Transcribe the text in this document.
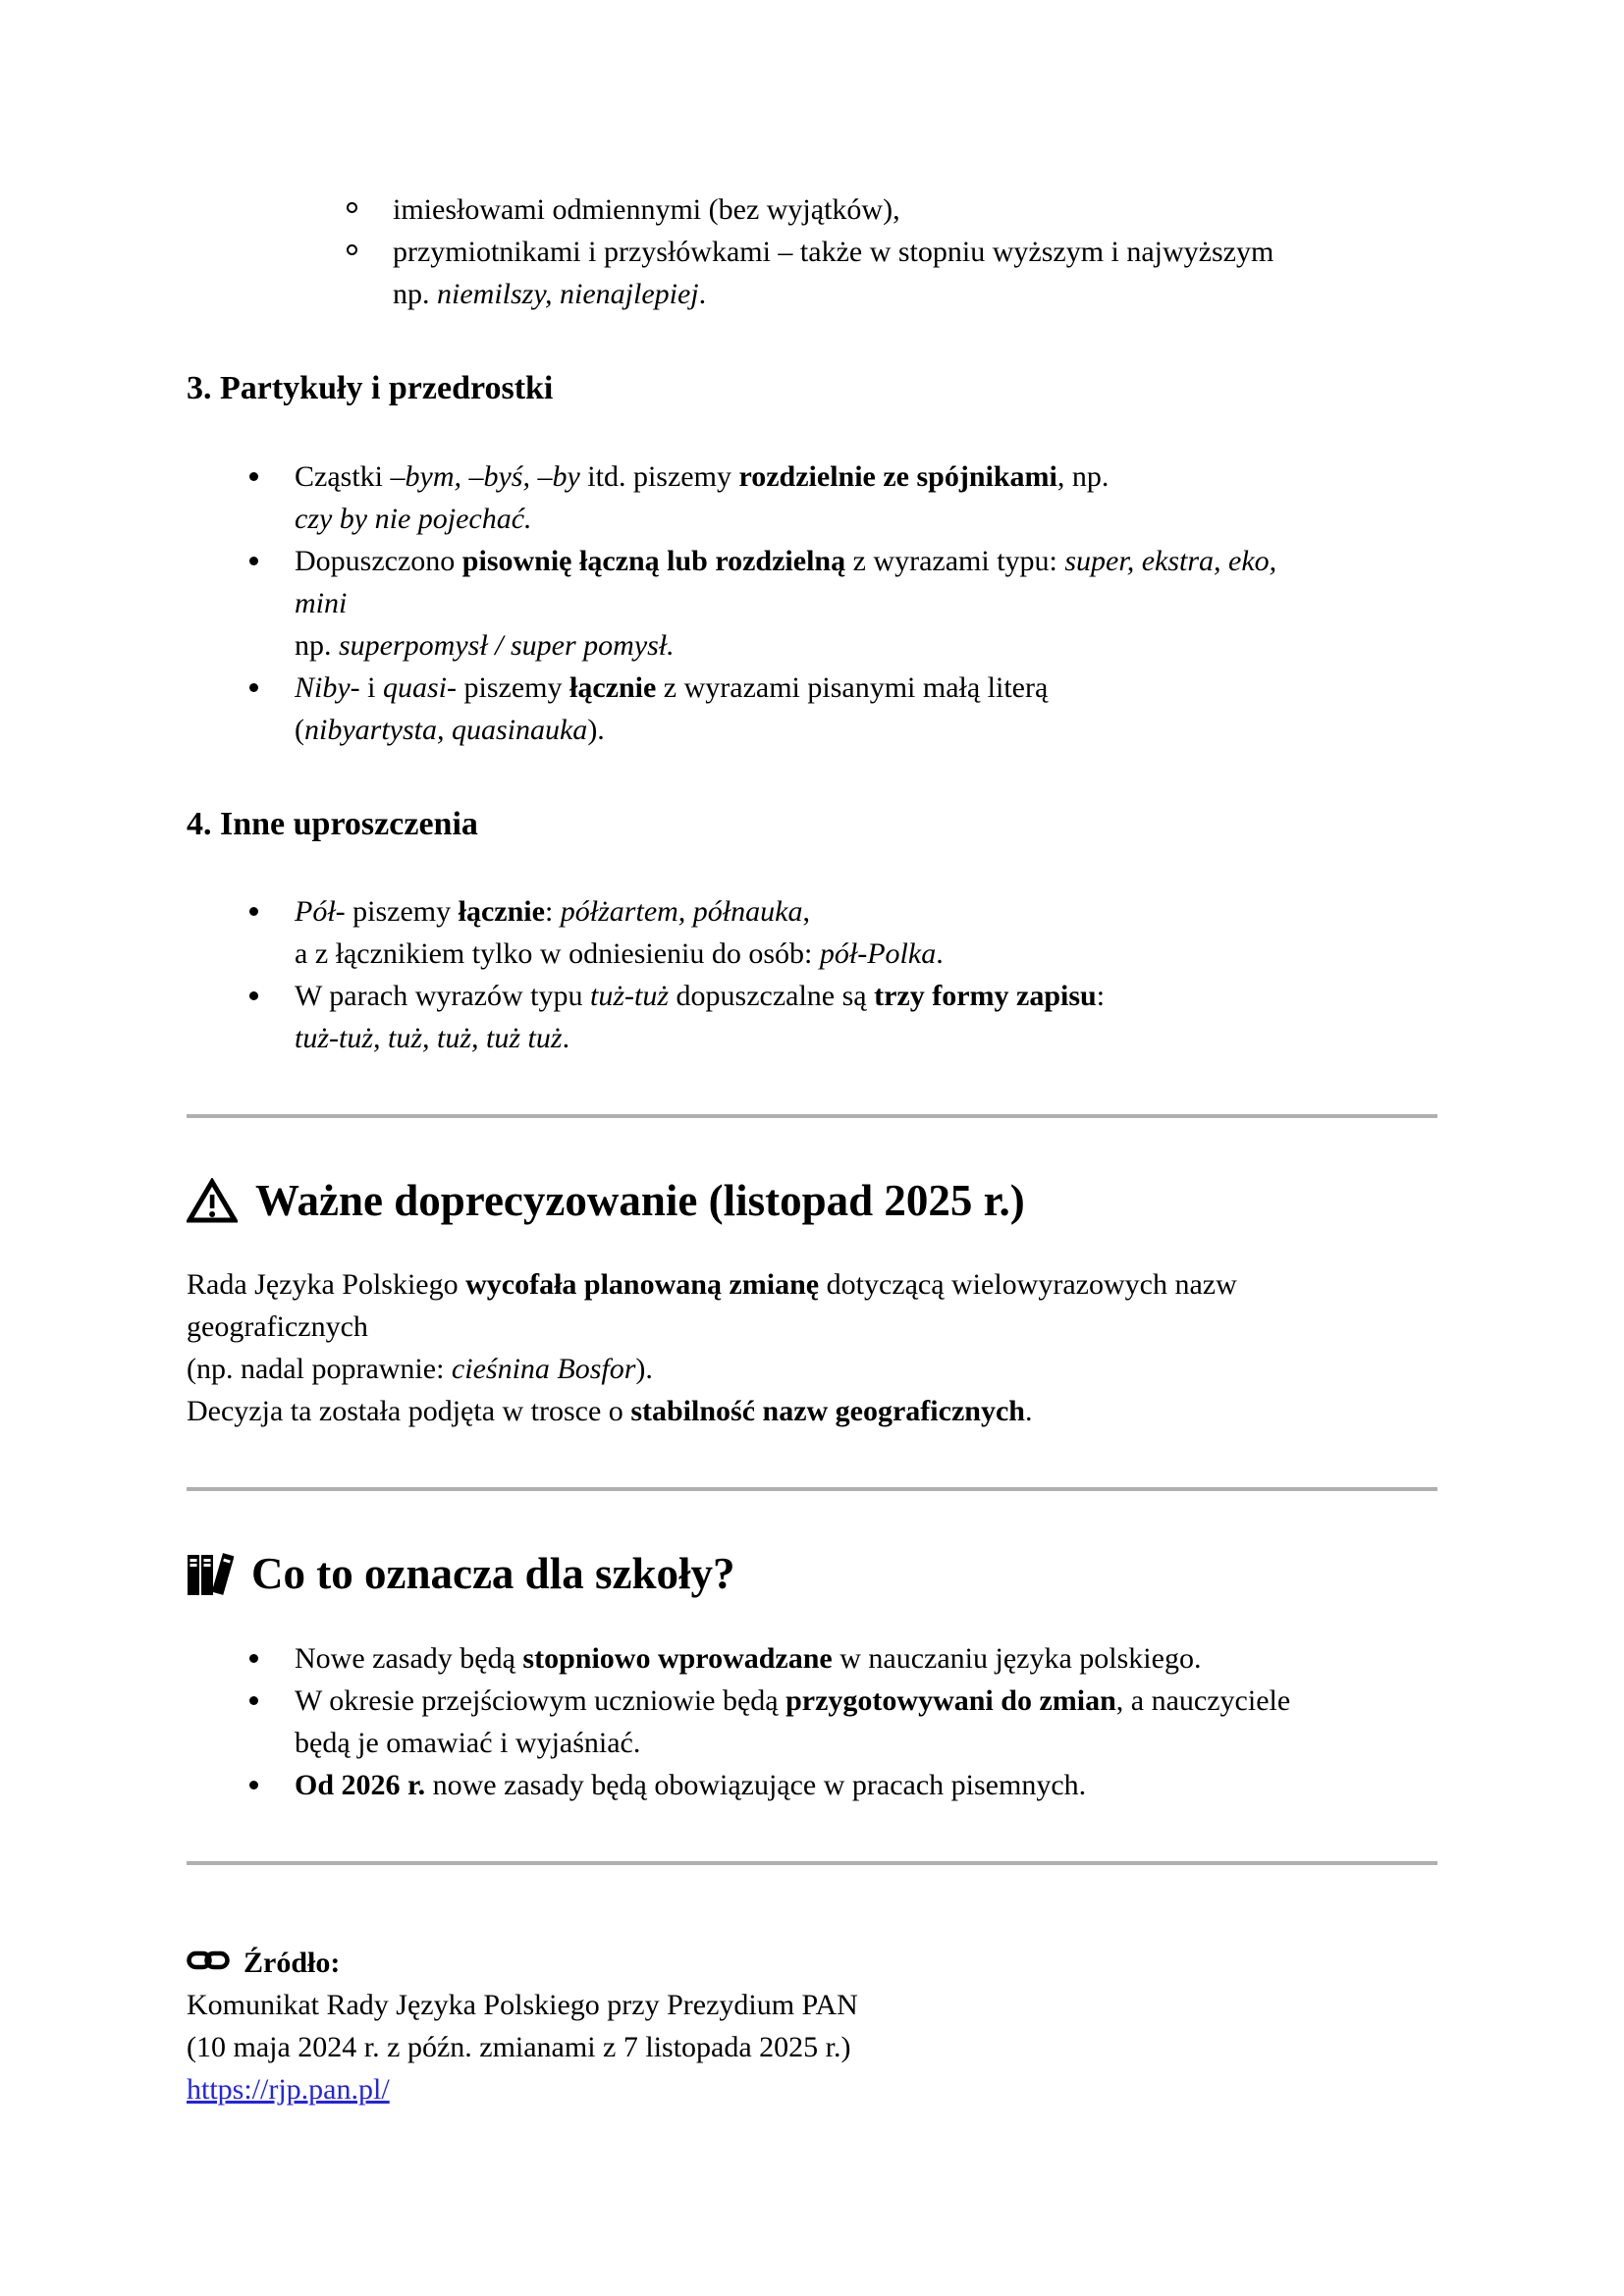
imiesłowami odmiennymi (bez wyjątków),
przymiotnikami i przysłówkami – także w stopniu wyższym i najwyższym
np. niemilszy, nienajlepiej.
3. Partykuły i przedrostki
Cząstki –bym, –byś, –by itd. piszemy rozdzielnie ze spójnikami, np.
czy by nie pojechać.
Dopuszczono pisownię łączną lub rozdzielną z wyrazami typu: super, ekstra, eko,
mini
np. superpomysł / super pomysł.
Niby- i quasi- piszemy łącznie z wyrazami pisanymi małą literą
(nibyartysta, quasinauka).
4. Inne uproszczenia
Pół- piszemy łącznie: półżartem, półnauka,
a z łącznikiem tylko w odniesieniu do osób: pół-Polka.
W parach wyrazów typu tuż-tuż dopuszczalne są trzy formy zapisu:
tuż-tuż, tuż, tuż, tuż tuż.
Ważne doprecyzowanie (listopad 2025 r.)

Rada Języka Polskiego wycofała planowaną zmianę dotyczącą wielowyrazowych nazw
geograficznych
(np. nadal poprawnie: cieśnina Bosfor).
Decyzja ta została podjęta w trosce o stabilność nazw geograficznych.

Co to oznacza dla szkoły?
Nowe zasady będą stopniowo wprowadzane w nauczaniu języka polskiego.
W okresie przejściowym uczniowie będą przygotowywani do zmian, a nauczyciele
będą je omawiać i wyjaśniać.
Od 2026 r. nowe zasady będą obowiązujące w pracach pisemnych.

Źródło:

Komunikat Rady Języka Polskiego przy Prezydium PAN

(10 maja 2024 r. z późn. zmianami z 7 listopada 2025 r.)

https://rjp.pan.pl/
